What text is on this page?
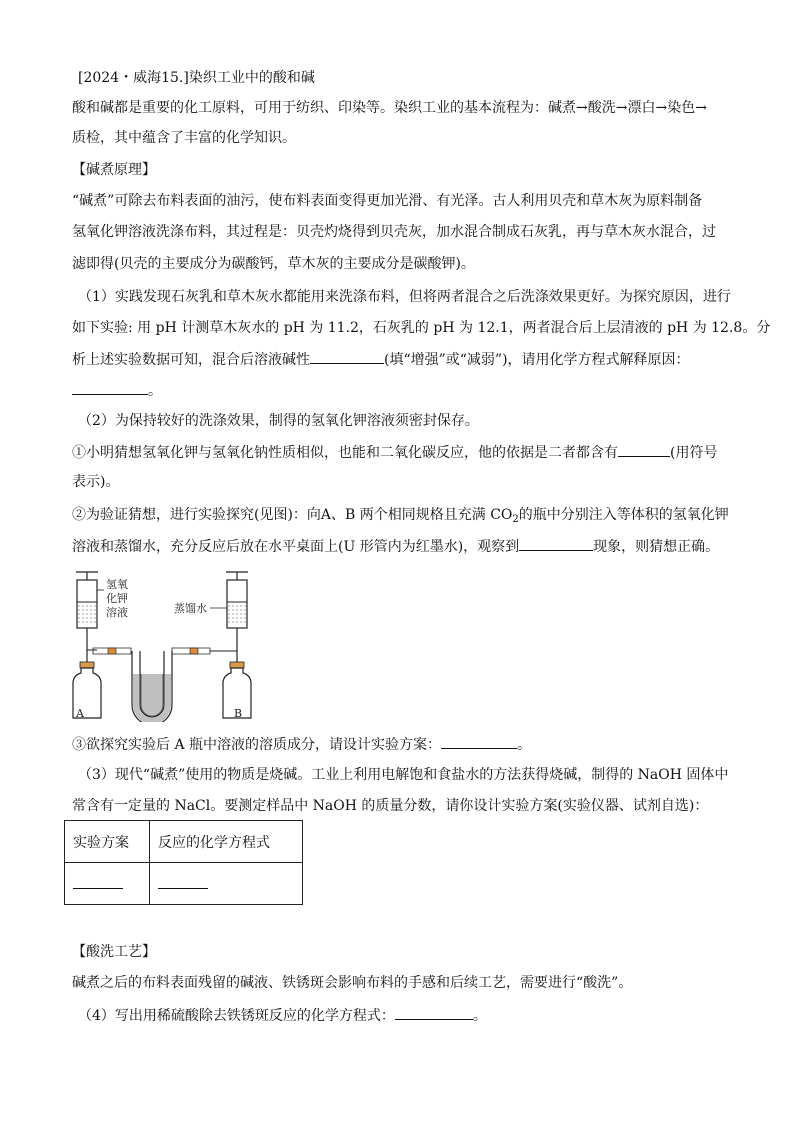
[2024・威海15.]染织工业中的酸和碱
酸和碱都是重要的化工原料，可用于纺织、印染等。染织工业的基本流程为：碱煮→酸洗→漂白→染色→
质检，其中蕴含了丰富的化学知识。
【碱煮原理】
“碱煮”可除去布料表面的油污，使布料表面变得更加光滑、有光泽。古人利用贝壳和草木灰为原料制备
氢氧化钾溶液洗涤布料，其过程是：贝壳灼烧得到贝壳灰，加水混合制成石灰乳，再与草木灰水混合，过
滤即得(贝壳的主要成分为碳酸钙，草木灰的主要成分是碳酸钾)。
（1）实践发现石灰乳和草木灰水都能用来洗涤布料，但将两者混合之后洗涤效果更好。为探究原因，进行
如下实验: 用 pH 计测草木灰水的 pH 为 11.2，石灰乳的 pH 为 12.1，两者混合后上层清液的 pH 为 12.8。分
析上述实验数据可知，混合后溶液碱性	(填“增强”或“减弱”)，请用化学方程式解释原因：
。
（2）为保持较好的洗涤效果，制得的氢氧化钾溶液须密封保存。
①小明猜想氢氧化钾与氢氧化钠性质相似，也能和二氧化碳反应，他的依据是二者都含有	(用符号
表示)。
②为验证猜想，进行实验探究(见图)：向A、B 两个相同规格且充满 $CO_2$的瓶中分别注入等体积的氢氧化钾
溶液和蒸馏水，充分反应后放在水平桌面上(U 形管内为红墨水)，观察到	现象，则猜想正确。
氢氧
化钾
溶液	蒸馏水
A	B
③欲探究实验后 A 瓶中溶液的溶质成分，请设计实验方案：	。
（3）现代“碱煮”使用的物质是烧碱。工业上利用电解饱和食盐水的方法获得烧碱，制得的 NaOH 固体中
常含有一定量的 NaCl。要测定样品中 NaOH 的质量分数，请你设计实验方案(实验仪器、试剂自选)：
实验方案	反应的化学方程式

【酸洗工艺】
碱煮之后的布料表面残留的碱液、铁锈斑会影响布料的手感和后续工艺，需要进行“酸洗”。
（4）写出用稀硫酸除去铁锈斑反应的化学方程式：	。
